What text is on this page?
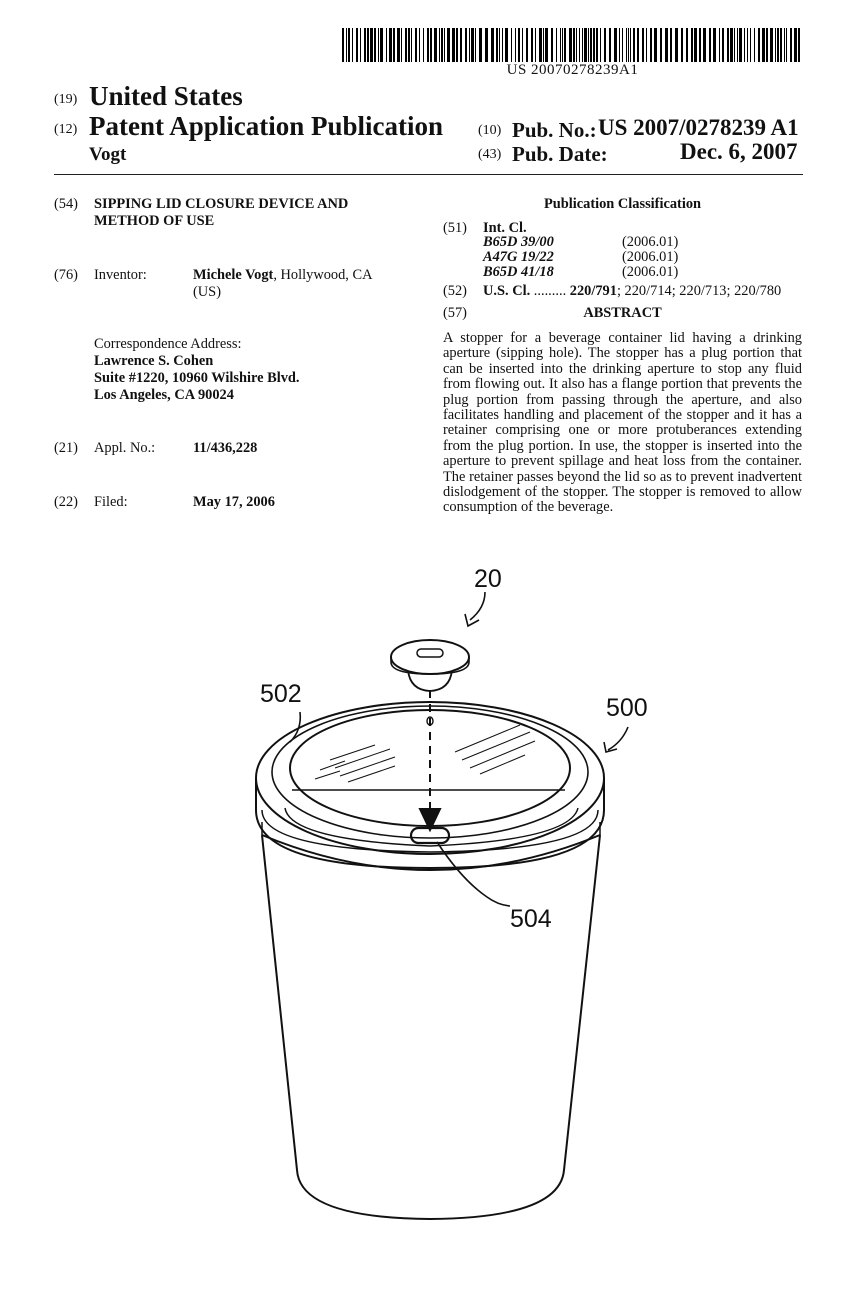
US 20070278239A1
(19) United States
(12) Patent Application Publication
Vogt
(10) Pub. No.: US 2007/0278239 A1
(43) Pub. Date:	Dec. 6, 2007
(54) SIPPING LID CLOSURE DEVICE AND
METHOD OF USE
(76) Inventor:	Michele Vogt, Hollywood, CA
(US)
Correspondence Address:
Lawrence S. Cohen
Suite #1220, 10960 Wilshire Blvd.
Los Angeles, CA 90024
(21) Appl. No.:	11/436,228
(22) Filed:	May 17, 2006
Publication Classification
(51) Int. Cl.
B65D 39/00	(2006.01)
A47G 19/22	(2006.01)
B65D 41/18	(2006.01)
(52) U.S. Cl. ......... 220/791; 220/714; 220/713; 220/780
(57)	ABSTRACT
A stopper for a beverage container lid having a drinking aperture (sipping hole). The stopper has a plug portion that can be inserted into the drinking aperture to stop any fluid from flowing out. It also has a flange portion that prevents the plug portion from passing through the aperture, and also facilitates handling and placement of the stopper and it has a retainer comprising one or more protuberances extending from the plug portion. In use, the stopper is inserted into the aperture to prevent spillage and heat loss from the container. The retainer passes beyond the lid so as to prevent inadvertent dislodgement of the stopper. The stopper is removed to allow consumption of the beverage.
20
502	500
504
